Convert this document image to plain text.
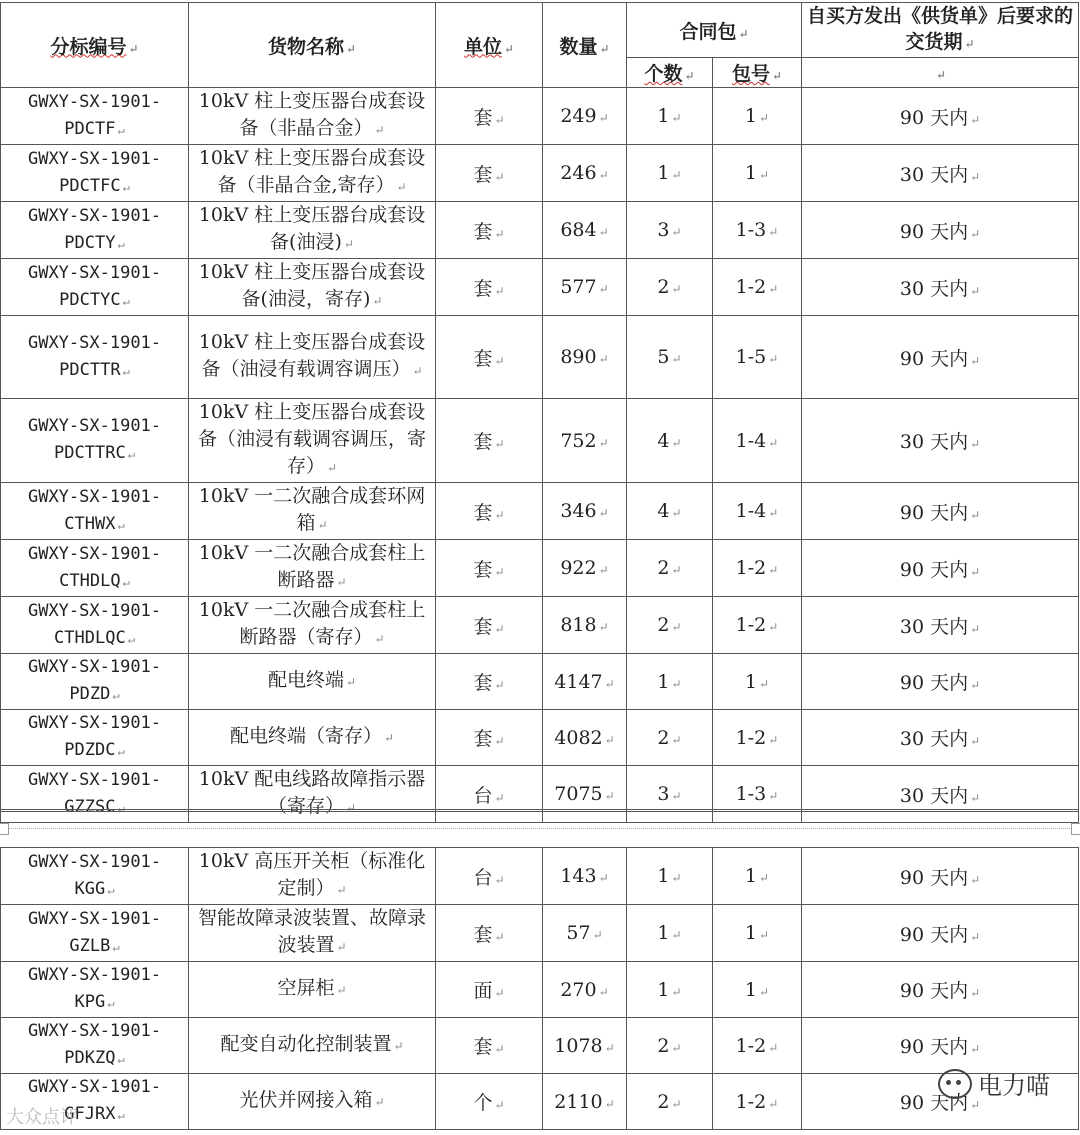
分标编号 ↵	货物名称 ↵	单位 ↵	数量 ↵	合同包 ↵		自买方发出《供货单》后要求的交货期 ↵
				个数 ↵	包号 ↵	↵

GWXY-SX-1901-
PDCTF ↵	10kV 柱上变压器台成套设备（非晶合金） ↵	套 ↵	249 ↵	1 ↵	1 ↵	90 天内 ↵

GWXY-SX-1901-
PDCTFC ↵	10kV 柱上变压器台成套设备（非晶合金,寄存） ↵	套 ↵	246 ↵	1 ↵	1 ↵	30 天内 ↵

GWXY-SX-1901-
PDCTY ↵	10kV 柱上变压器台成套设备(油浸) ↵	套 ↵	684 ↵	3 ↵	1-3 ↵	90 天内 ↵

GWXY-SX-1901-
PDCTYC ↵	10kV 柱上变压器台成套设备(油浸，寄存) ↵	套 ↵	577 ↵	2 ↵	1-2 ↵	30 天内 ↵

GWXY-SX-1901-
PDCTTR ↵	10kV 柱上变压器台成套设备（油浸有载调容调压） ↵	套 ↵	890 ↵	5 ↵	1-5 ↵	90 天内 ↵

GWXY-SX-1901-
PDCTTRC ↵	10kV 柱上变压器台成套设备（油浸有载调容调压，寄存） ↵	套 ↵	752 ↵	4 ↵	1-4 ↵	30 天内 ↵

GWXY-SX-1901-
CTHWX ↵	10kV 一二次融合成套环网箱 ↵	套 ↵	346 ↵	4 ↵	1-4 ↵	90 天内 ↵

GWXY-SX-1901-
CTHDLQ ↵	10kV 一二次融合成套柱上断路器 ↵	套 ↵	922 ↵	2 ↵	1-2 ↵	90 天内 ↵

GWXY-SX-1901-
CTHDLQC ↵	10kV 一二次融合成套柱上断路器（寄存） ↵	套 ↵	818 ↵	2 ↵	1-2 ↵	30 天内 ↵

GWXY-SX-1901-
PDZD ↵	配电终端 ↵	套 ↵	4147 ↵	1 ↵	1 ↵	90 天内 ↵

GWXY-SX-1901-
PDZDC ↵	配电终端（寄存） ↵	套 ↵	4082 ↵	2 ↵	1-2 ↵	30 天内 ↵

GWXY-SX-1901-
GZZSC ↵	10kV 配电线路故障指示器（寄存） ↵	台 ↵	7075 ↵	3 ↵	1-3 ↵	30 天内 ↵
GWXY-SX-1901-
KGG ↵	10kV 高压开关柜（标准化定制） ↵	台 ↵	143 ↵	1 ↵	1 ↵	90 天内 ↵

GWXY-SX-1901-
GZLB ↵	智能故障录波装置、故障录波装置 ↵	套 ↵	57 ↵	1 ↵	1 ↵	90 天内 ↵

GWXY-SX-1901-
KPG ↵	空屏柜 ↵	面 ↵	270 ↵	1 ↵	1 ↵	90 天内 ↵

GWXY-SX-1901-
PDKZQ ↵	配变自动化控制装置 ↵	套 ↵	1078 ↵	2 ↵	1-2 ↵	90 天内 ↵

GWXY-SX-1901-
GFJRX ↵	光伏并网接入箱 ↵	个 ↵	2110 ↵	2 ↵	1-2 ↵	90 天内 ↵
电力喵
大众点评
